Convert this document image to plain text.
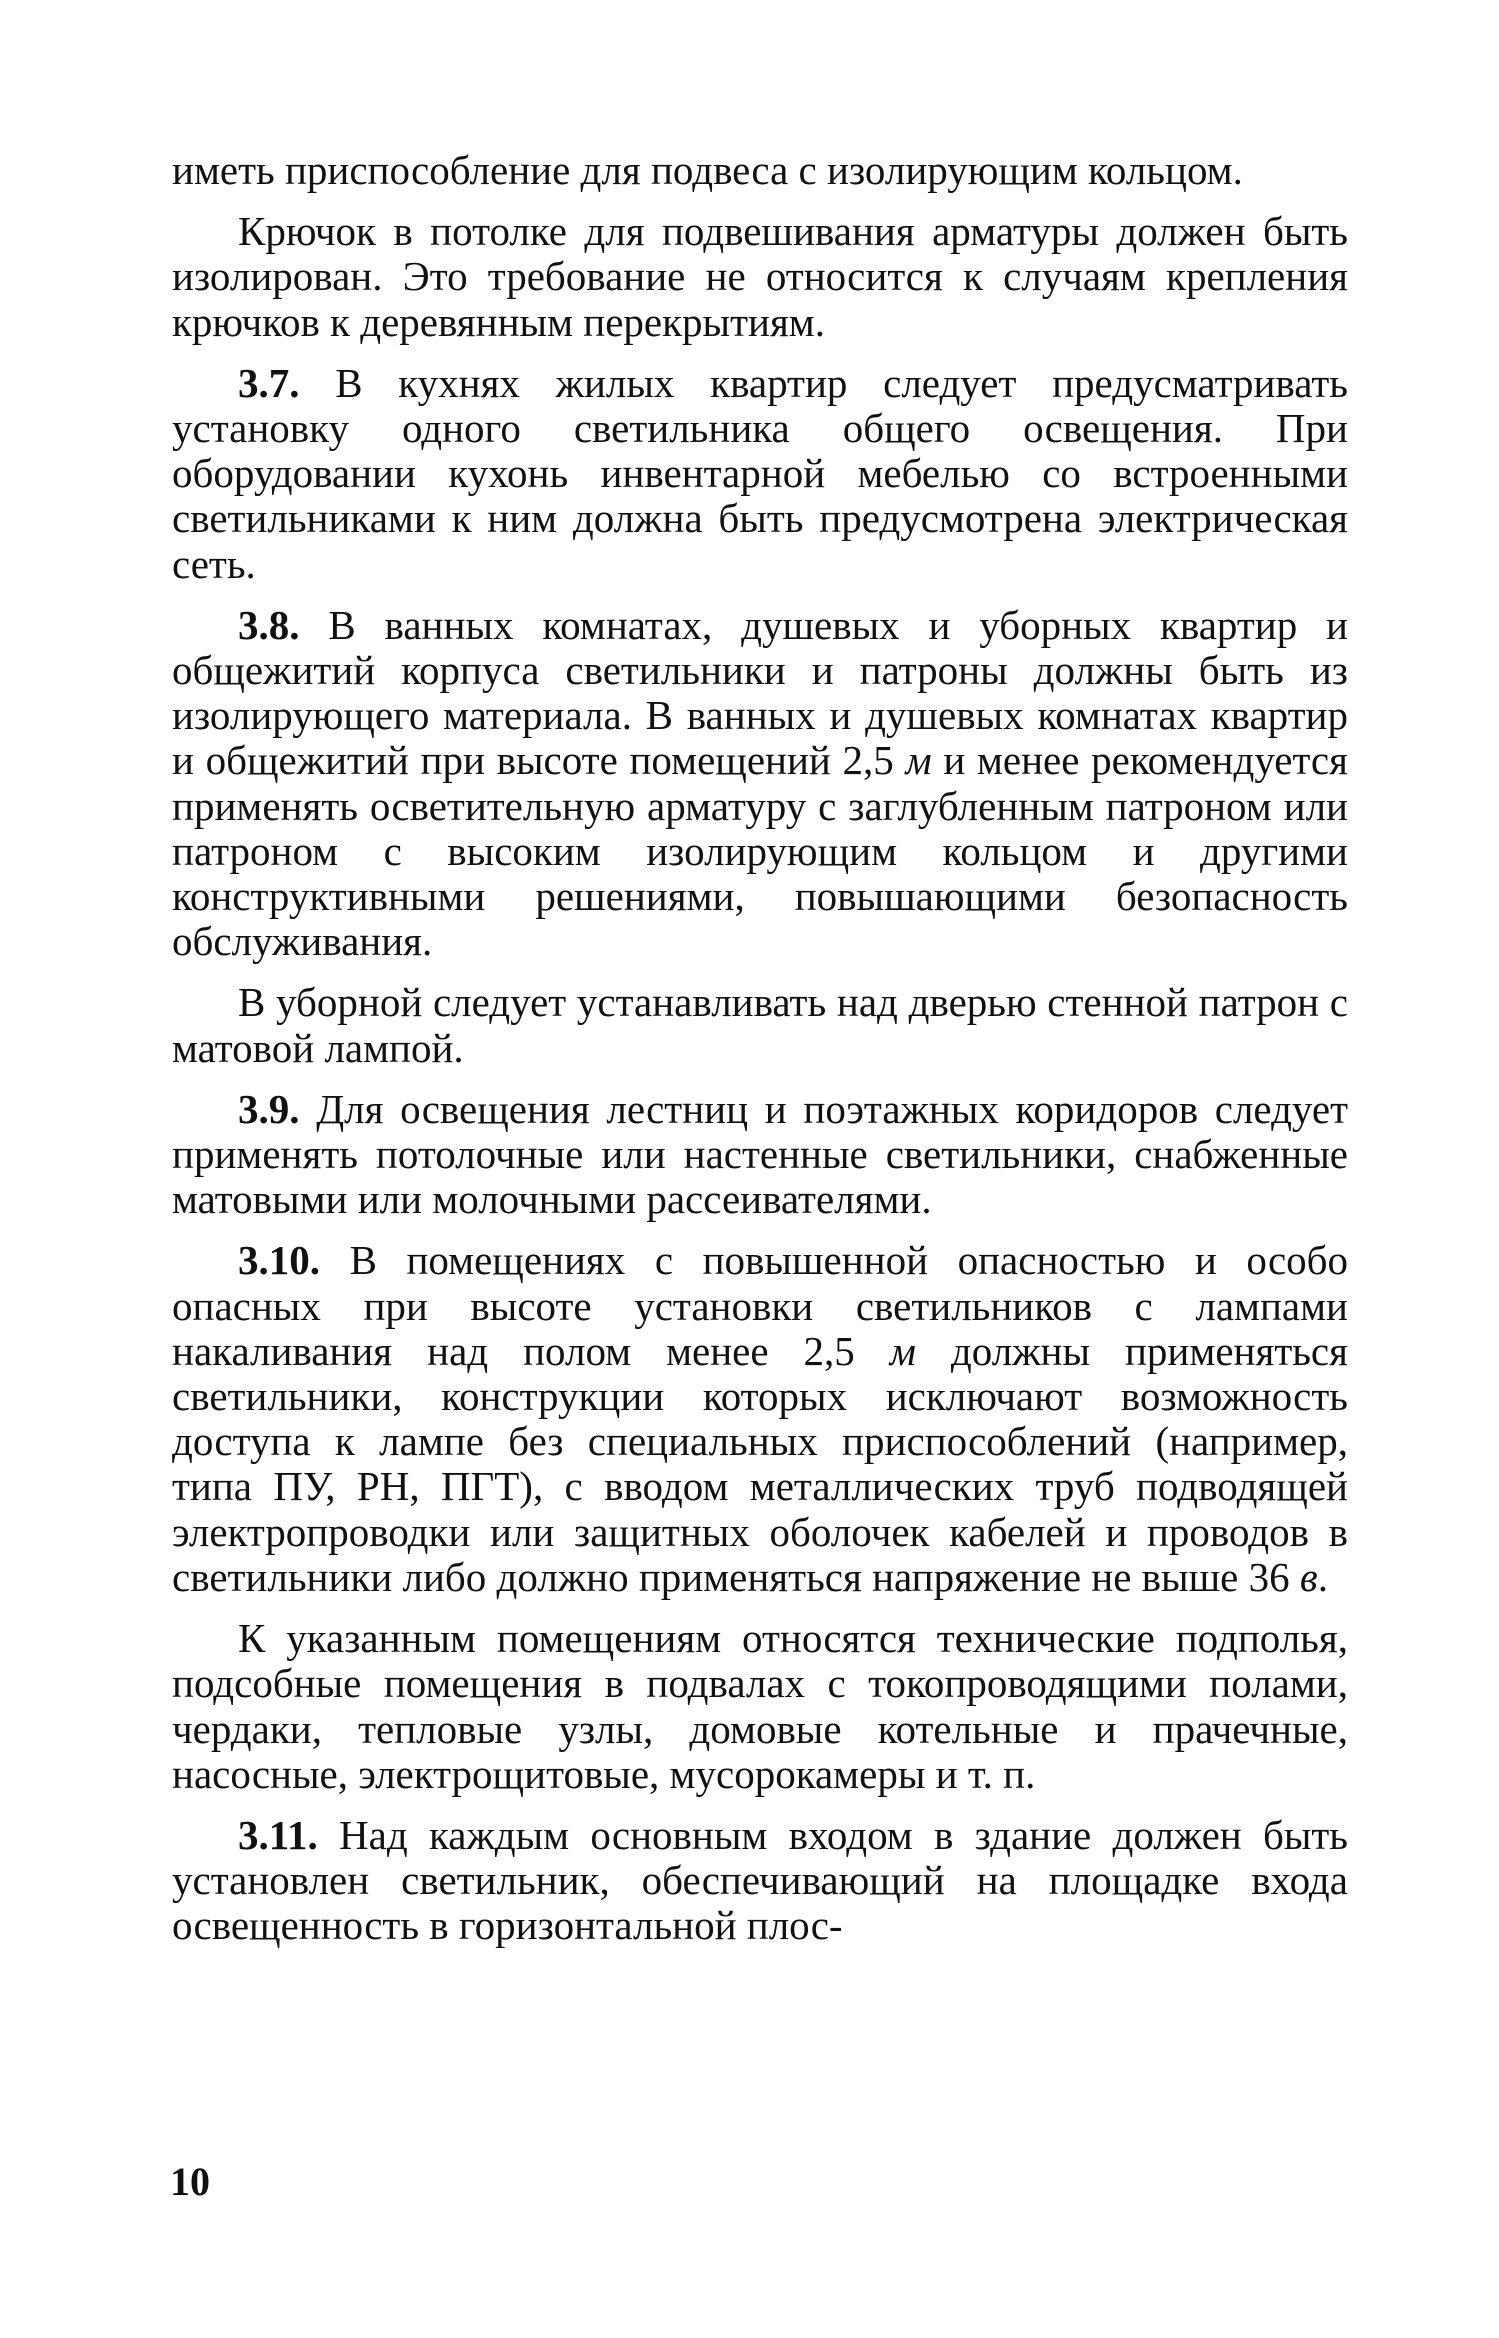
иметь приспособление для подвеса с изолирующим кольцом.

Крючок в потолке для подвешивания арматуры должен быть изолирован. Это требование не относится к случаям крепления крючков к деревянным перекрытиям.

3.7. В кухнях жилых квартир следует предусматривать установку одного светильника общего освещения. При оборудовании кухонь инвентарной мебелью со встроенными светильниками к ним должна быть предусмотрена электрическая сеть.

3.8. В ванных комнатах, душевых и уборных квартир и общежитий корпуса светильники и патроны должны быть из изолирующего материала. В ванных и душевых комнатах квартир и общежитий при высоте помещений 2,5 м и менее рекомендуется применять осветительную арматуру с заглубленным патроном или патроном с высоким изолирующим кольцом и другими конструктивными решениями, повышающими безопасность обслуживания.

В уборной следует устанавливать над дверью стенной патрон с матовой лампой.

3.9. Для освещения лестниц и поэтажных коридоров следует применять потолочные или настенные светильники, снабженные матовыми или молочными рассеивателями.

3.10. В помещениях с повышенной опасностью и особо опасных при высоте установки светильников с лампами накаливания над полом менее 2,5 м должны применяться светильники, конструкции которых исключают возможность доступа к лампе без специальных приспособлений (например, типа ПУ, РН, ПГТ), с вводом металлических труб подводящей электропроводки или защитных оболочек кабелей и проводов в светильники либо должно применяться напряжение не выше 36 в.

К указанным помещениям относятся технические подполья, подсобные помещения в подвалах с токопроводящими полами, чердаки, тепловые узлы, домовые котельные и прачечные, насосные, электрощитовые, мусорокамеры и т. п.

3.11. Над каждым основным входом в здание должен быть установлен светильник, обеспечивающий на площадке входа освещенность в горизонтальной плос-

10
